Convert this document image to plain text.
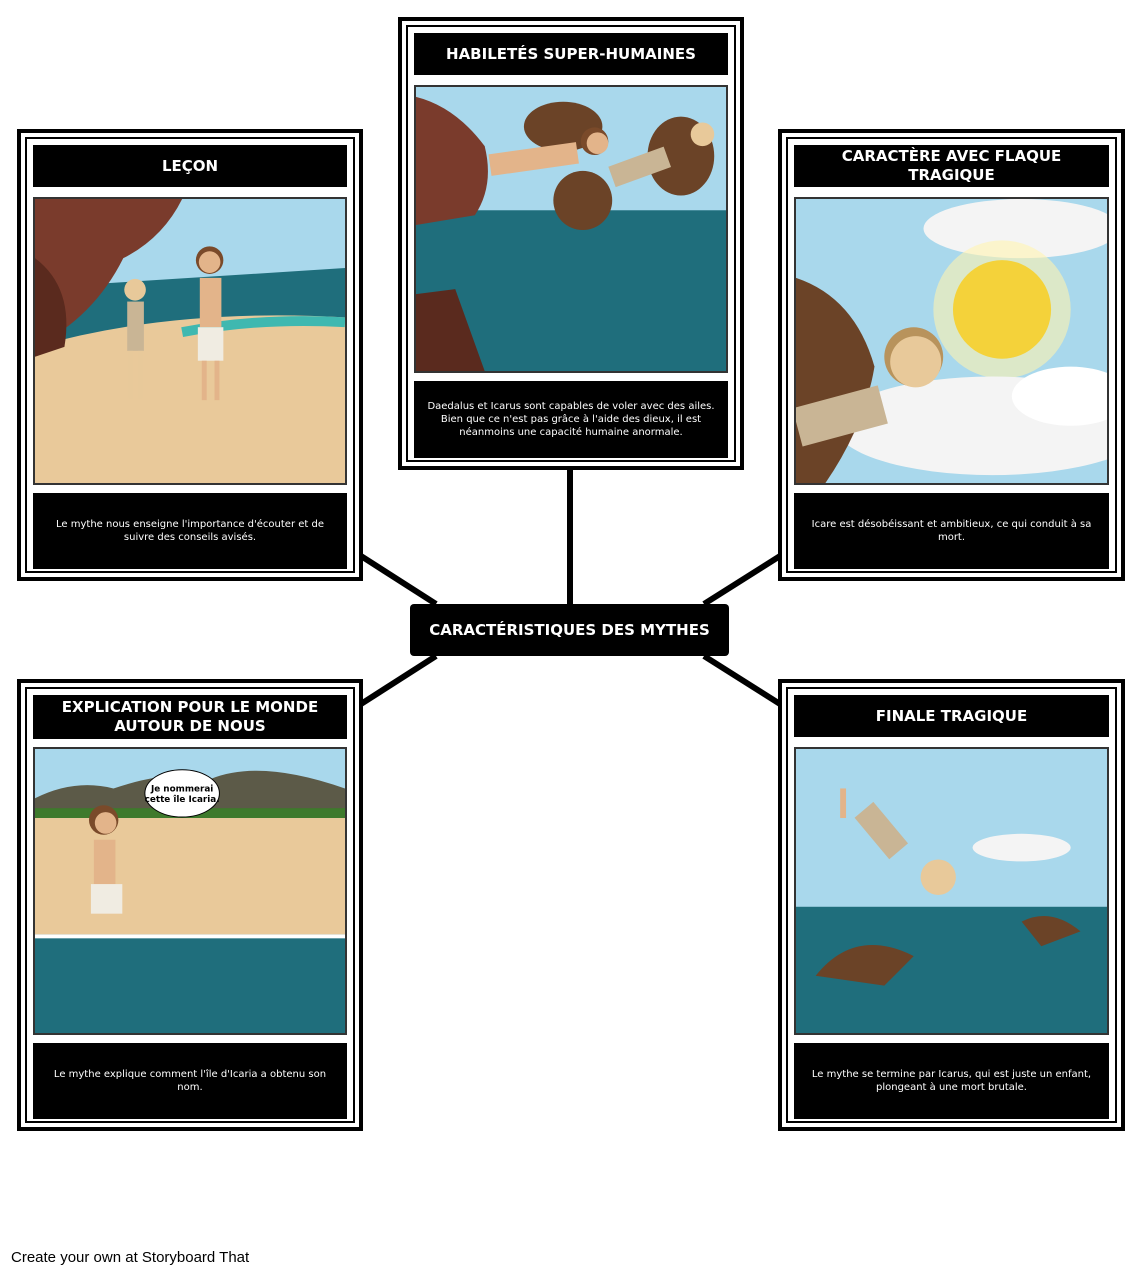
CARACTÉRISTIQUES DES MYTHES
LEÇON
Le mythe nous enseigne l'importance d'écouter et de suivre des conseils avisés.
HABILETÉS SUPER-HUMAINES
Daedalus et Icarus sont capables de voler avec des ailes. Bien que ce n'est pas grâce à l'aide des dieux, il est néanmoins une capacité humaine anormale.
CARACTÈRE AVEC FLAQUE TRAGIQUE
Icare est désobéissant et ambitieux, ce qui conduit à sa mort.
EXPLICATION POUR LE MONDE AUTOUR DE NOUS
Je nommerai
cette île Icaria.
Le mythe explique comment l'île d'Icaria a obtenu son nom.
FINALE TRAGIQUE
Le mythe se termine par Icarus, qui est juste un enfant, plongeant à une mort brutale.
Create your own at Storyboard That
